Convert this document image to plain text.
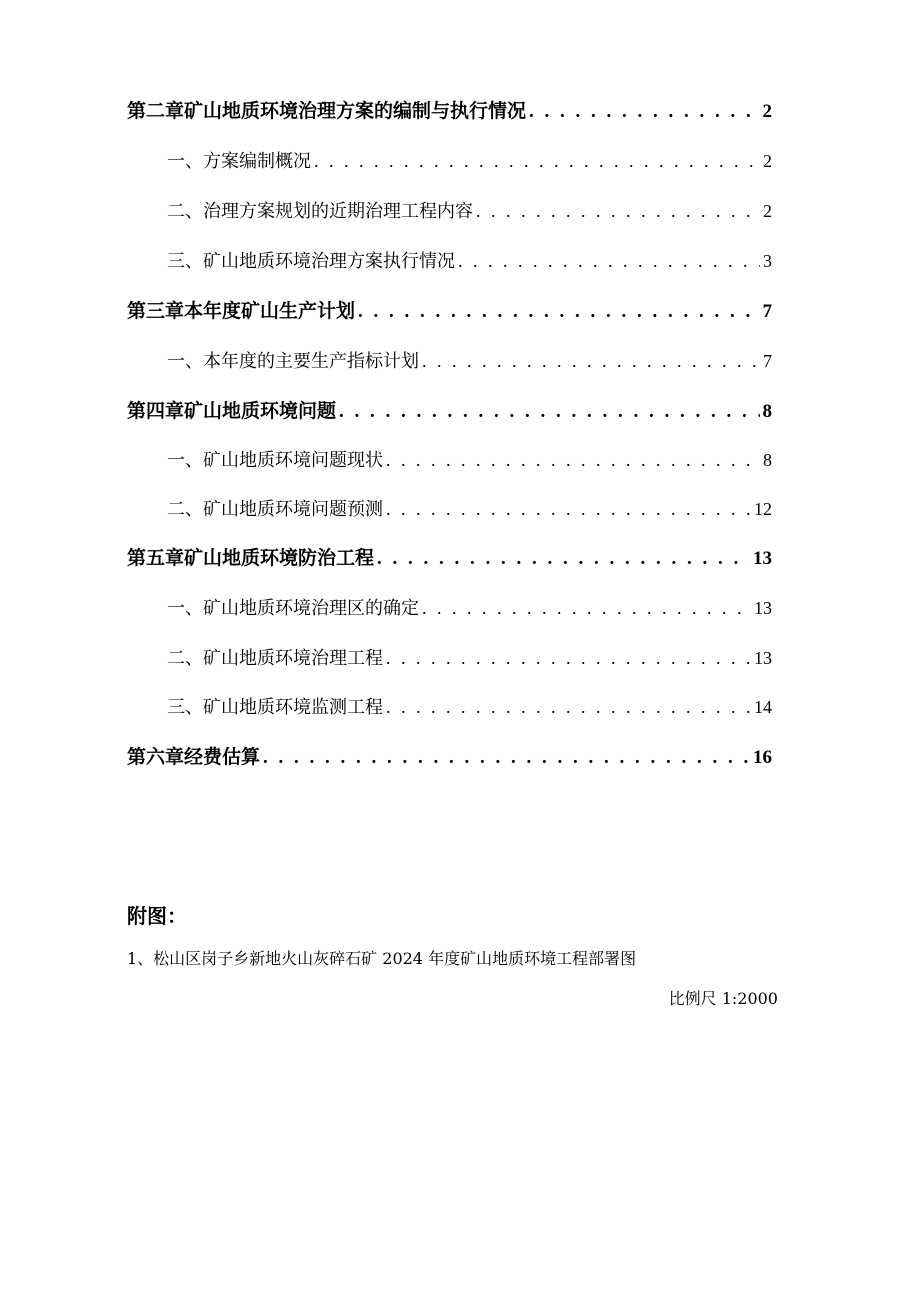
第二章矿山地质环境治理方案的编制与执行情况 . . .	2
一、方案编制概况 . . .	2
二、治理方案规划的近期治理工程内容 . . .	2
三、矿山地质环境治理方案执行情况 . . .	3
第三章本年度矿山生产计划 . . .	7
一、本年度的主要生产指标计划 . . .	7
第四章矿山地质环境问题 . . .	8
一、矿山地质环境问题现状 . . .	8
二、矿山地质环境问题预测 . . .	12
第五章矿山地质环境防治工程 . . .	13
一、矿山地质环境治理区的确定 . . .	13
二、矿山地质环境治理工程 . . .	13
三、矿山地质环境监测工程 . . .	14
第六章经费估算 . . .	16
附图：
1、松山区岗子乡新地火山灰碎石矿 2024 年度矿山地质环境工程部署图
比例尺 1:2000
